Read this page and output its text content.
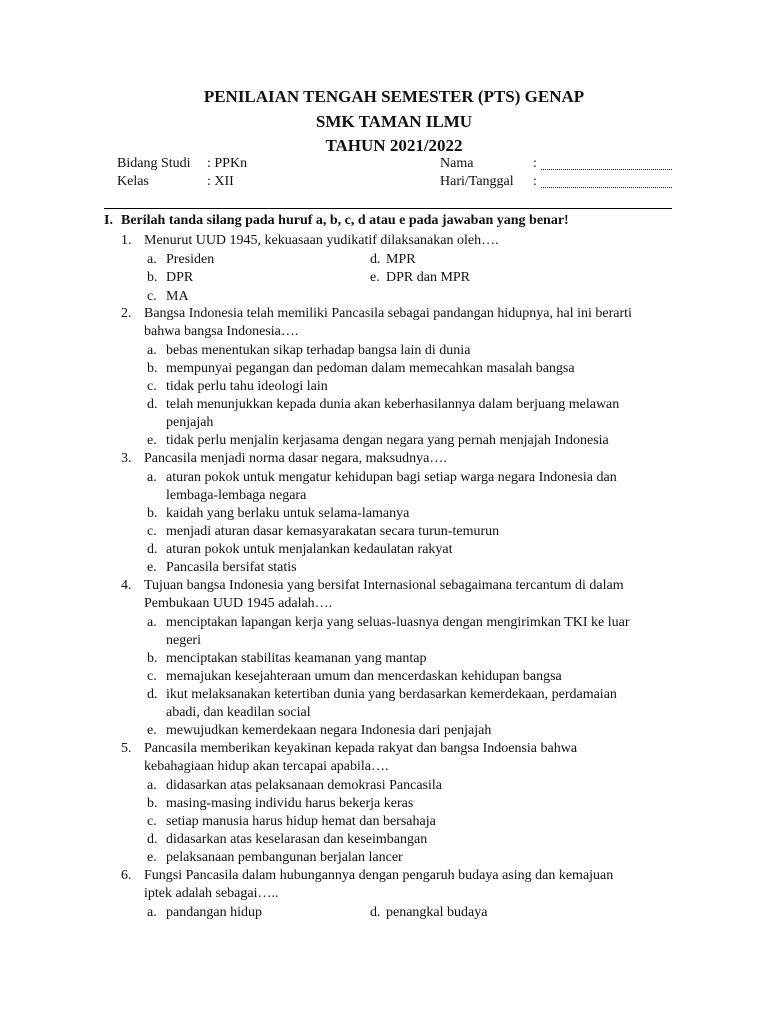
PENILAIAN TENGAH SEMESTER (PTS) GENAP
SMK TAMAN ILMU
TAHUN 2021/2022
Bidang Studi : PPKn	Nama	:
Kelas	: XII	Hari/Tanggal :
I. Berilah tanda silang pada huruf a, b, c, d atau e pada jawaban yang benar!
1. Menurut UUD 1945, kekuasaan yudikatif dilaksanakan oleh….
a. Presiden	d. MPR
b. DPR	e. DPR dan MPR
c. MA
2. Bangsa Indonesia telah memiliki Pancasila sebagai pandangan hidupnya, hal ini berarti
bahwa bangsa Indonesia….
a. bebas menentukan sikap terhadap bangsa lain di dunia
b. mempunyai pegangan dan pedoman dalam memecahkan masalah bangsa
c. tidak perlu tahu ideologi lain
d. telah menunjukkan kepada dunia akan keberhasilannya dalam berjuang melawan
penjajah
e. tidak perlu menjalin kerjasama dengan negara yang pernah menjajah Indonesia
3. Pancasila menjadi norma dasar negara, maksudnya….
a. aturan pokok untuk mengatur kehidupan bagi setiap warga negara Indonesia dan
lembaga-lembaga negara
b. kaidah yang berlaku untuk selama-lamanya
c. menjadi aturan dasar kemasyarakatan secara turun-temurun
d. aturan pokok untuk menjalankan kedaulatan rakyat
e. Pancasila bersifat statis
4. Tujuan bangsa Indonesia yang bersifat Internasional sebagaimana tercantum di dalam
Pembukaan UUD 1945 adalah….
a. menciptakan lapangan kerja yang seluas-luasnya dengan mengirimkan TKI ke luar
negeri
b. menciptakan stabilitas keamanan yang mantap
c. memajukan kesejahteraan umum dan mencerdaskan kehidupan bangsa
d. ikut melaksanakan ketertiban dunia yang berdasarkan kemerdekaan, perdamaian
abadi, dan keadilan social
e. mewujudkan kemerdekaan negara Indonesia dari penjajah
5. Pancasila memberikan keyakinan kepada rakyat dan bangsa Indoensia bahwa
kebahagiaan hidup akan tercapai apabila….
a. didasarkan atas pelaksanaan demokrasi Pancasila
b. masing-masing individu harus bekerja keras
c. setiap manusia harus hidup hemat dan bersahaja
d. didasarkan atas keselarasan dan keseimbangan
e. pelaksanaan pembangunan berjalan lancer
6. Fungsi Pancasila dalam hubungannya dengan pengaruh budaya asing dan kemajuan
iptek adalah sebagai…..
a. pandangan hidup	d. penangkal budaya
